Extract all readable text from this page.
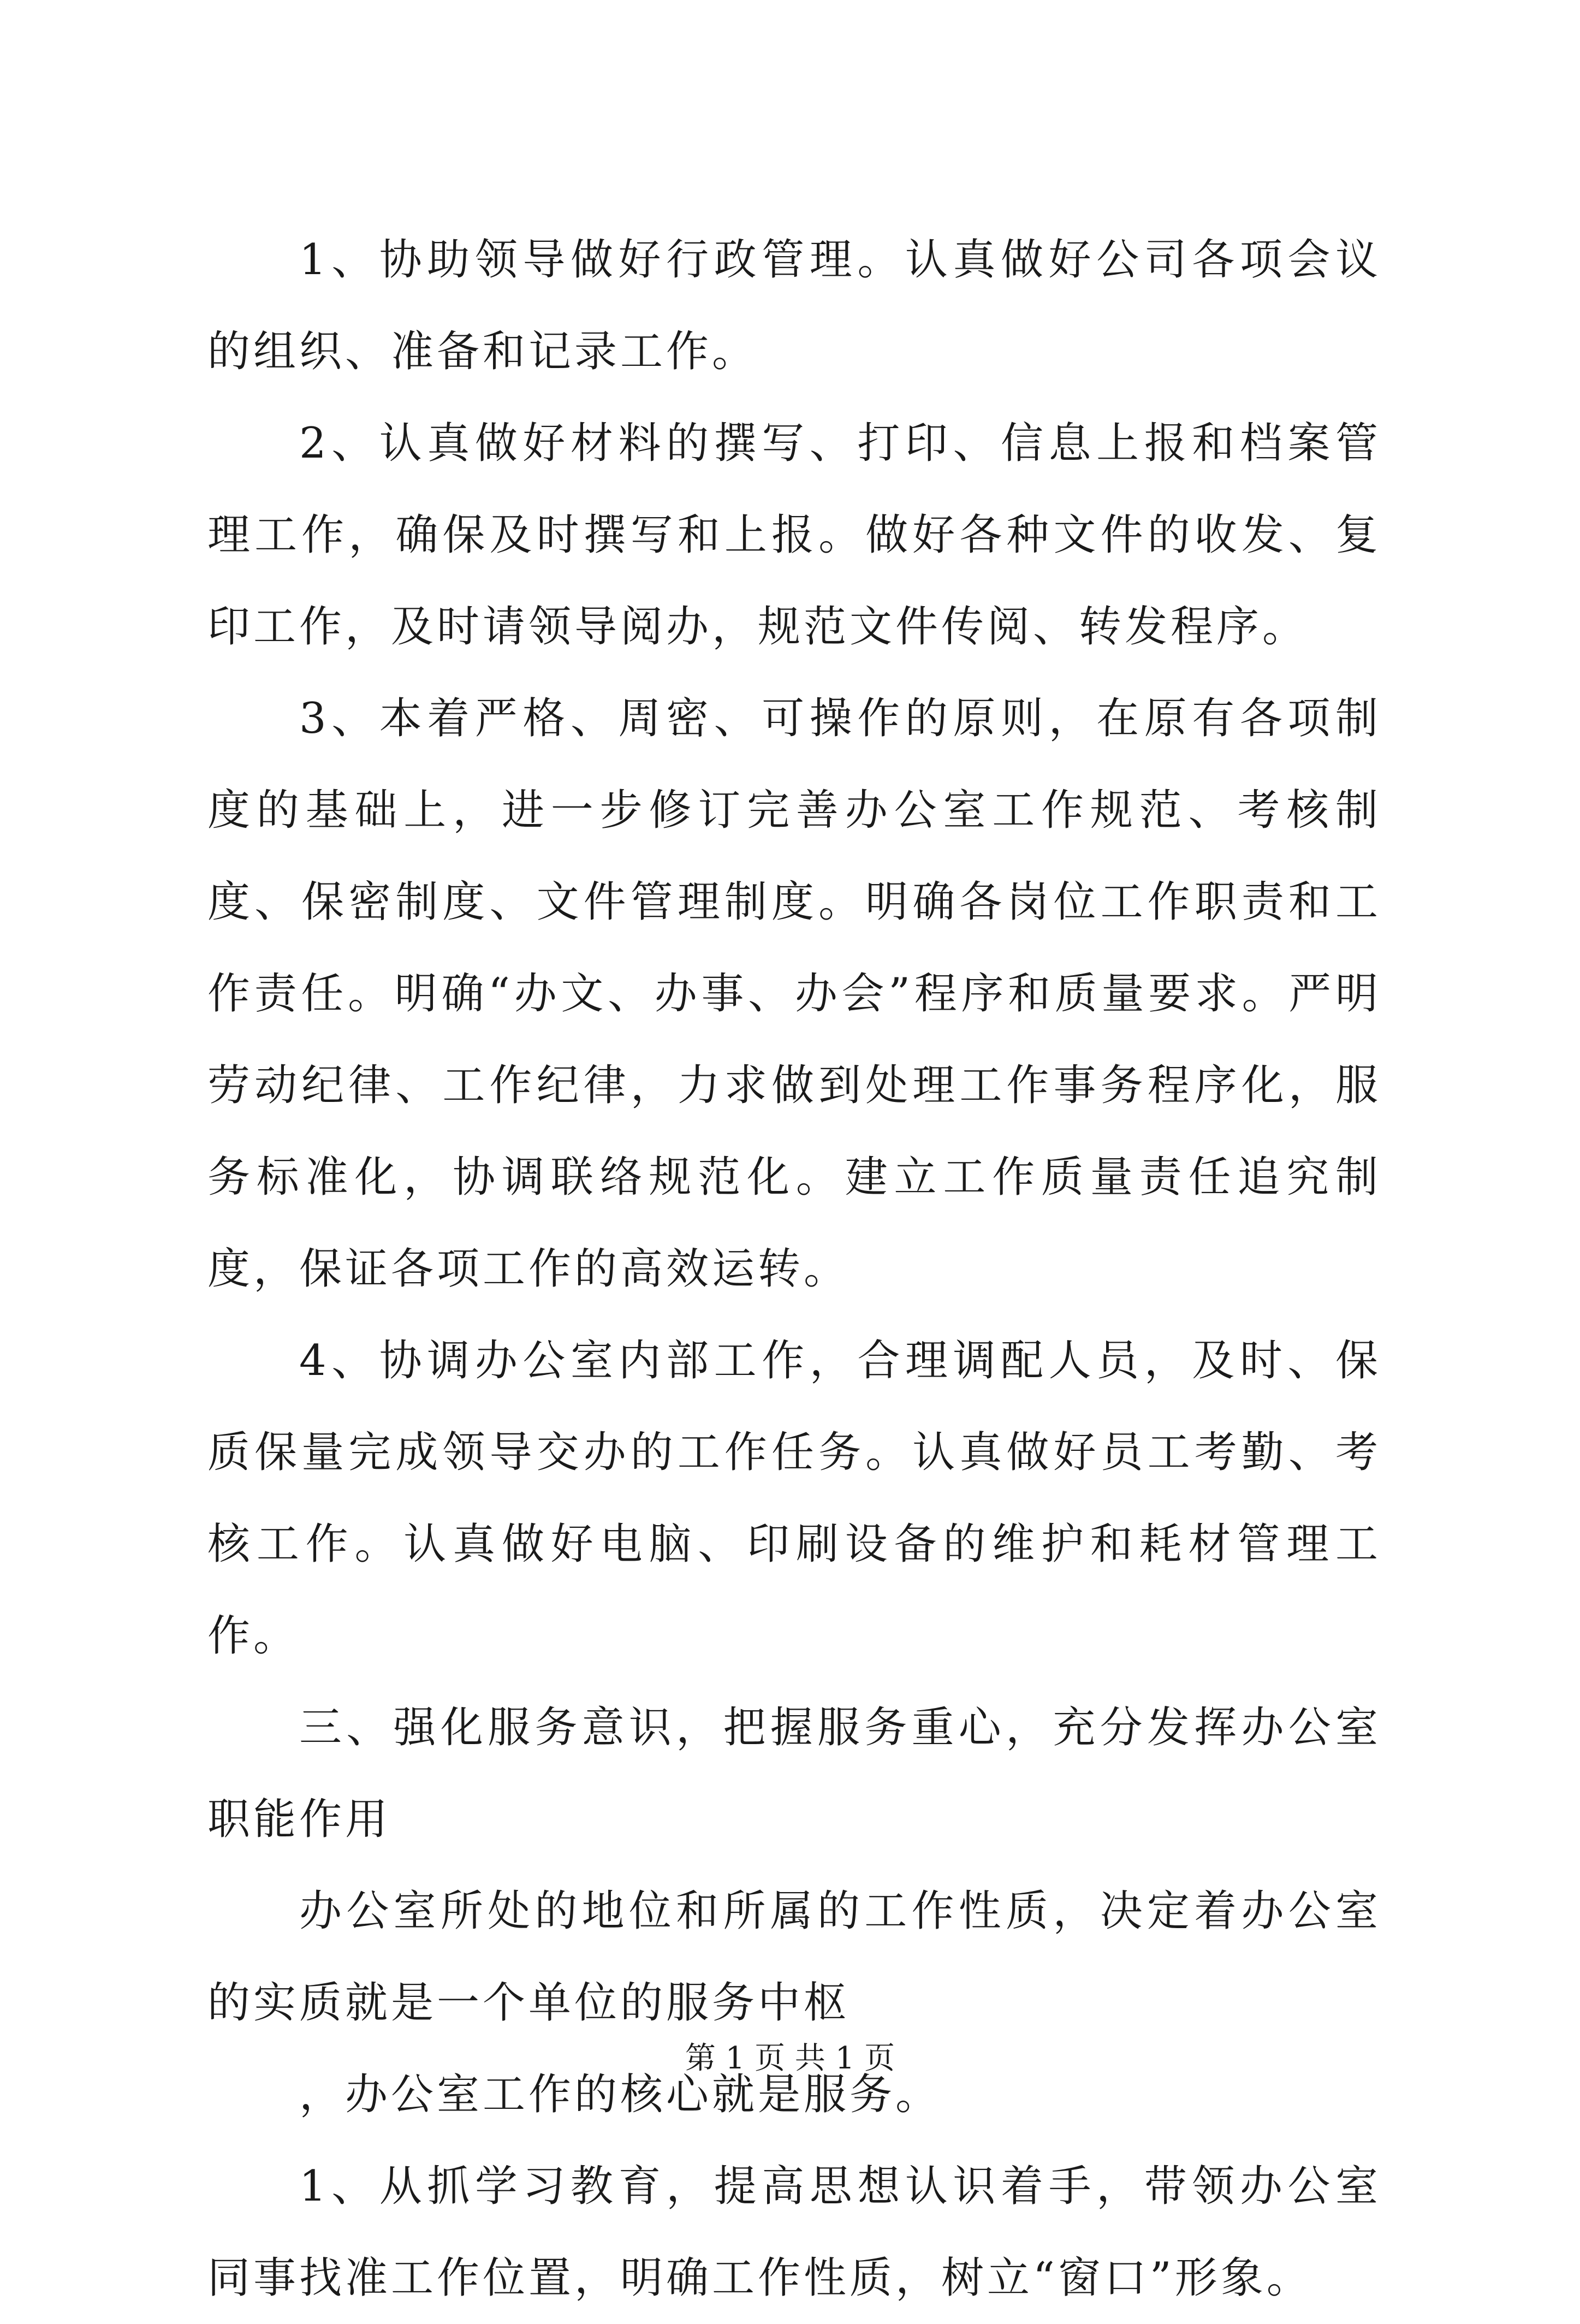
1、协助领导做好行政管理。认真做好公司各项会议的组织、准备和记录工作。

2、认真做好材料的撰写、打印、信息上报和档案管理工作，确保及时撰写和上报。做好各种文件的收发、复印工作，及时请领导阅办，规范文件传阅、转发程序。

3、本着严格、周密、可操作的原则，在原有各项制度的基础上，进一步修订完善办公室工作规范、考核制度、保密制度、文件管理制度。明确各岗位工作职责和工作责任。明确“办文、办事、办会”程序和质量要求。严明劳动纪律、工作纪律，力求做到处理工作事务程序化，服务标准化，协调联络规范化。建立工作质量责任追究制度，保证各项工作的高效运转。

4、协调办公室内部工作，合理调配人员，及时、保质保量完成领导交办的工作任务。认真做好员工考勤、考核工作。认真做好电脑、印刷设备的维护和耗材管理工作。

三、强化服务意识，把握服务重心，充分发挥办公室职能作用

办公室所处的地位和所属的工作性质，决定着办公室的实质就是一个单位的服务中枢

，办公室工作的核心就是服务。

1、从抓学习教育，提高思想认识着手，带领办公室同事找准工作位置，明确工作性质，树立“窗口”形象。

第 1 页 共 1 页
